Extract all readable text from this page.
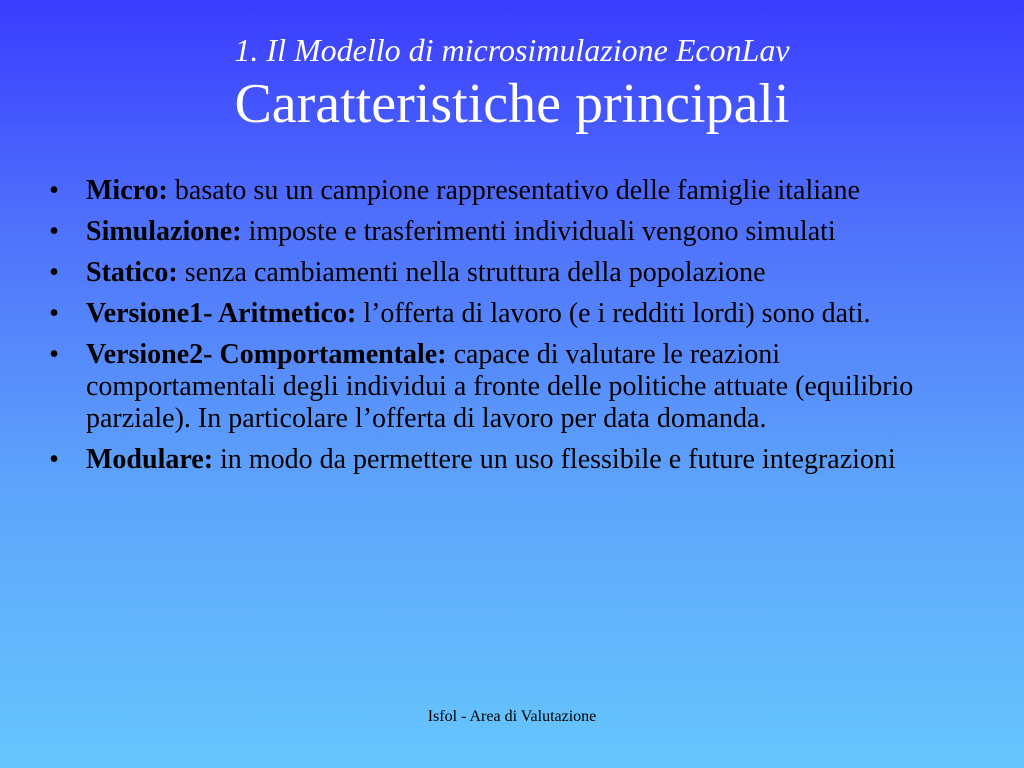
1. Il Modello di microsimulazione EconLav
Caratteristiche principali
• Micro: basato su un campione rappresentativo delle famiglie italiane
• Simulazione: imposte e trasferimenti individuali vengono simulati
• Statico: senza cambiamenti nella struttura della popolazione
• Versione1- Aritmetico: l’offerta di lavoro (e i redditi lordi) sono dati.
• Versione2- Comportamentale: capace di valutare le reazioni comportamentali degli individui a fronte delle politiche attuate (equilibrio parziale). In particolare l’offerta di lavoro per data domanda.
• Modulare: in modo da permettere un uso flessibile e future integrazioni
Isfol - Area di Valutazione
